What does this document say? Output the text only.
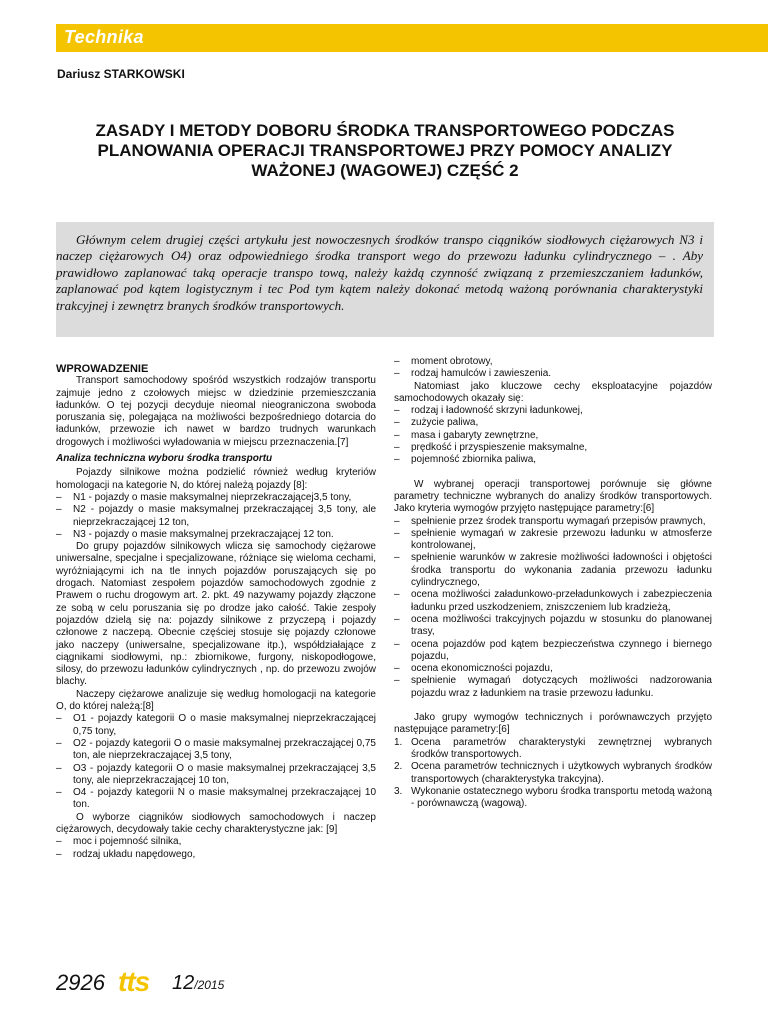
Technika
Dariusz STARKOWSKI
ZASADY I METODY DOBORU ŚRODKA TRANSPORTOWEGO PODCZAS PLANOWANIA OPERACJI TRANSPORTOWEJ PRZY POMOCY ANALIZY WAŻONEJ (WAGOWEJ) CZĘŚĆ 2

Głównym celem drugiej części artykułu jest nowoczesnych środków transpo ciągników siodłowych ciężarowych N3 i naczep ciężarowych O4) oraz odpowiedniego środka transport wego do przewozu ładunku cylindrycznego – . Aby prawidłowo zaplanować taką operacje transpo tową, należy każdą czynność związaną z przemieszczaniem ładunków, zaplanować pod kątem logistycznym i tec Pod tym kątem należy dokonać metodą ważoną porównania charakterystyki trakcyjnej i zewnętrz branych środków transportowych.

WPROWADZENIE

Transport samochodowy spośród wszystkich rodzajów transportu zajmuje jedno z czołowych miejsc w dziedzinie przemieszczania ładunków. O tej pozycji decyduje nieomal nieograniczona swoboda poruszania się, polegająca na możliwości bezpośredniego dotarcia do ładunków, przewozie ich nawet w bardzo trudnych warunkach drogowych i możliwości wyładowania w miejscu przeznaczenia.[7]

Analiza techniczna wyboru środka transportu

Pojazdy silnikowe można podzielić również według kryteriów homologacji na kategorie N, do której należą pojazdy [8]:

– N1 - pojazdy o masie maksymalnej nieprzekraczającej3,5 tony,
– N2 - pojazdy o masie maksymalnej przekraczającej 3,5 tony, ale nieprzekraczającej 12 ton,
– N3 - pojazdy o masie maksymalnej przekraczającej 12 ton.

Do grupy pojazdów silnikowych wlicza się samochody ciężarowe uniwersalne, specjalne i specjalizowane, różniące się wieloma cechami, wyróżniającymi ich na tle innych pojazdów poruszających się po drogach. Natomiast zespołem pojazdów samochodowych zgodnie z Prawem o ruchu drogowym art. 2. pkt. 49 nazywamy pojazdy złączone ze sobą w celu poruszania się po drodze jako całość. Takie zespoły pojazdów dzielą się na: pojazdy silnikowe z przyczepą i pojazdy członowe z naczepą. Obecnie częściej stosuje się pojazdy członowe jako naczepy (uniwersalne, specjalizowane itp.), współdziałające z ciągnikami siodłowymi, np.: zbiornikowe, furgony, niskopodłogowe, silosy, do przewozu ładunków cylindrycznych , np. do przewozu zwojów blachy.

Naczepy ciężarowe analizuje się według homologacji na kategorie O, do której należą:[8]

– O1 - pojazdy kategorii O o masie maksymalnej nieprzekraczającej 0,75 tony,
– O2 - pojazdy kategorii O o masie maksymalnej przekraczającej 0,75 ton, ale nieprzekraczającej 3,5 tony,
– O3 - pojazdy kategorii O o masie maksymalnej przekraczającej 3,5 tony, ale nieprzekraczającej 10 ton,
– O4 - pojazdy kategorii N o masie maksymalnej przekraczającej 10 ton.

O wyborze ciągników siodłowych samochodowych i naczep ciężarowych, decydowały takie cechy charakterystyczne jak: [9]

– moc i pojemność silnika,
– rodzaj układu napędowego,
– moment obrotowy,
– rodzaj hamulców i zawieszenia.

Natomiast jako kluczowe cechy eksploatacyjne pojazdów samochodowych okazały się:

– rodzaj i ładowność skrzyni ładunkowej,
– zużycie paliwa,
– masa i gabaryty zewnętrzne,
– prędkość i przyspieszenie maksymalne,
– pojemność zbiornika paliwa,

W wybranej operacji transportowej porównuje się główne parametry techniczne wybranych do analizy środków transportowych. Jako kryteria wymogów przyjęto następujące parametry:[6]

– spełnienie przez środek transportu wymagań przepisów prawnych,
– spełnienie wymagań w zakresie przewozu ładunku w atmosferze kontrolowanej,
– spełnienie warunków w zakresie możliwości ładowności i objętości środka transportu do wykonania zadania przewozu ładunku cylindrycznego,
– ocena możliwości załadunkowo-przeładunkowych i zabezpieczenia ładunku przed uszkodzeniem, zniszczeniem lub kradzieżą,
– ocena możliwości trakcyjnych pojazdu w stosunku do planowanej trasy,
– ocena pojazdów pod kątem bezpieczeństwa czynnego i biernego pojazdu,
– ocena ekonomiczności pojazdu,
– spełnienie wymagań dotyczących możliwości nadzorowania pojazdu wraz z ładunkiem na trasie przewozu ładunku.

Jako grupy wymogów technicznych i porównawczych przyjęto następujące parametry:[6]

1. Ocena parametrów charakterystyki zewnętrznej wybranych środków transportowych.
2. Ocena parametrów technicznych i użytkowych wybranych środków transportowych (charakterystyka trakcyjna).
3. Wykonanie ostatecznego wyboru środka transportu metodą ważoną - porównawczą (wagową).
2926 tts 12/2015
